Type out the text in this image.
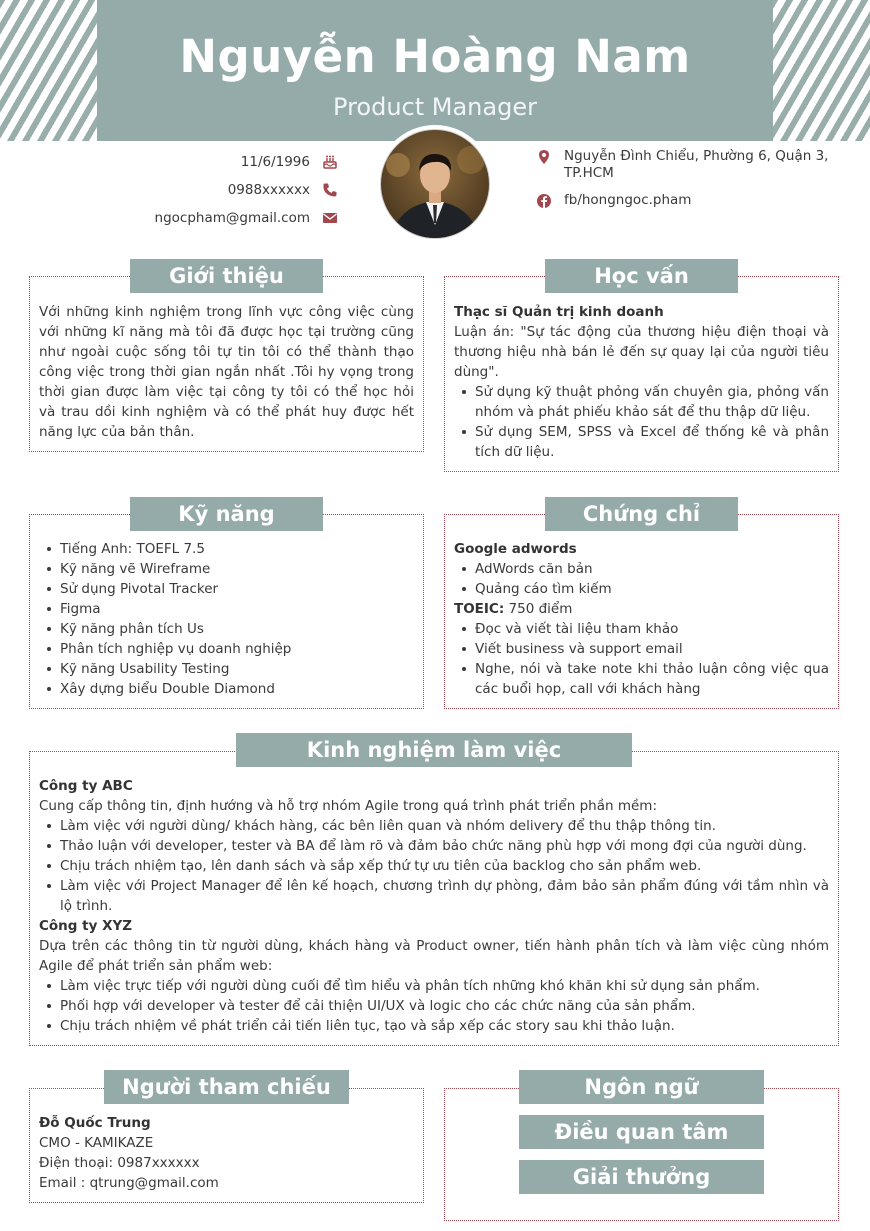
Nguyễn Hoàng Nam
Product Manager
11/6/1996
0988xxxxxx
ngocpham@gmail.com
Nguyễn Đình Chiểu, Phường 6, Quận 3, TP.HCM
fb/hongngoc.pham
Giới thiệu

Với những kinh nghiệm trong lĩnh vực công việc cùng với những kĩ năng mà tôi đã được học tại trường cũng như ngoài cuộc sống tôi tự tin tôi có thể thành thạo công việc trong thời gian ngắn nhất .Tôi hy vọng trong thời gian được làm việc tại công ty tôi có thể học hỏi và trau dồi kinh nghiệm và có thể phát huy được hết năng lực của bản thân.

Học vấn
Thạc sĩ Quản trị kinh doanh

Luận án: "Sự tác động của thương hiệu điện thoại và thương hiệu nhà bán lẻ đến sự quay lại của người tiêu dùng".

Sử dụng kỹ thuật phỏng vấn chuyên gia, phỏng vấn nhóm và phát phiếu khảo sát để thu thập dữ liệu.
Sử dụng SEM, SPSS và Excel để thống kê và phân tích dữ liệu.
Kỹ năng
Tiếng Anh: TOEFL 7.5
Kỹ năng vẽ Wireframe
Sử dụng Pivotal Tracker
Figma
Kỹ năng phân tích Us
Phân tích nghiệp vụ doanh nghiệp
Kỹ năng Usability Testing
Xây dựng biểu Double Diamond
Chứng chỉ
Google adwords
AdWords căn bản
Quảng cáo tìm kiếm
TOEIC: 750 điểm
Đọc và viết tài liệu tham khảo
Viết business và support email
Nghe, nói và take note khi thảo luận công việc qua các buổi họp, call với khách hàng
Kinh nghiệm làm việc
Công ty ABC

Cung cấp thông tin, định hướng và hỗ trợ nhóm Agile trong quá trình phát triển phần mềm:

Làm việc với người dùng/ khách hàng, các bên liên quan và nhóm delivery để thu thập thông tin.
Thảo luận với developer, tester và BA để làm rõ và đảm bảo chức năng phù hợp với mong đợi của người dùng.
Chịu trách nhiệm tạo, lên danh sách và sắp xếp thứ tự ưu tiên của backlog cho sản phẩm web.
Làm việc với Project Manager để lên kế hoạch, chương trình dự phòng, đảm bảo sản phẩm đúng với tầm nhìn và lộ trình.
Công ty XYZ

Dựa trên các thông tin từ người dùng, khách hàng và Product owner, tiến hành phân tích và làm việc cùng nhóm Agile để phát triển sản phẩm web:

Làm việc trực tiếp với người dùng cuối để tìm hiểu và phân tích những khó khăn khi sử dụng sản phẩm.
Phối hợp với developer và tester để cải thiện UI/UX và logic cho các chức năng của sản phẩm.
Chịu trách nhiệm về phát triển cải tiến liên tục, tạo và sắp xếp các story sau khi thảo luận.
Người tham chiếu
Đỗ Quốc Trung
CMO - KAMIKAZE
Điện thoại: 0987xxxxxx
Email : qtrung@gmail.com
Ngôn ngữ
Điều quan tâm
Giải thưởng
